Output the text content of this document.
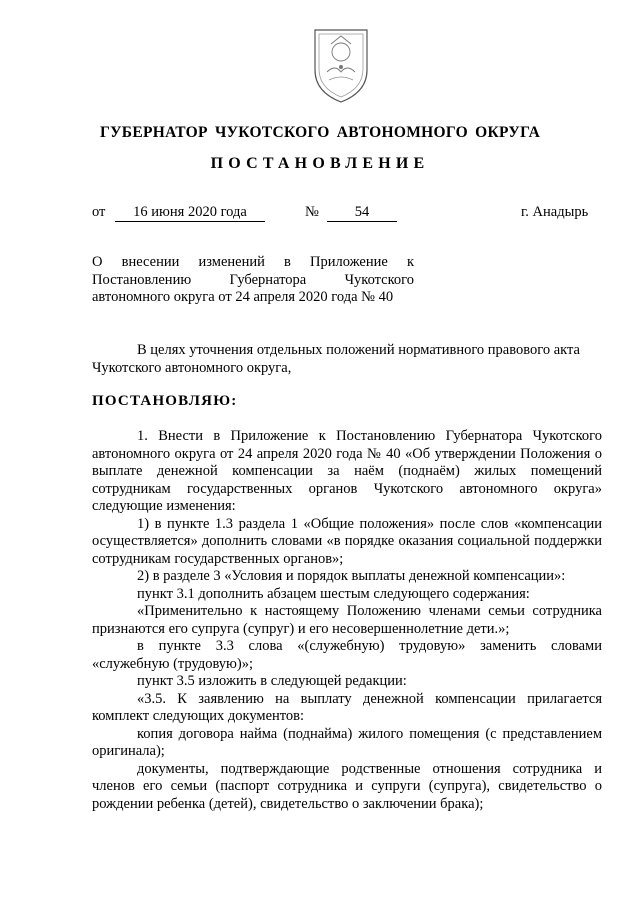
ГУБЕРНАТОР ЧУКОТСКОГО АВТОНОМНОГО ОКРУГА
ПОСТАНОВЛЕНИЕ
от	16 июня 2020 года	№	54	г. Анадырь
О внесении изменений в Приложение к Постановлению Губернатора Чукотского автономного округа от 24 апреля 2020 года № 40
В целях уточнения отдельных положений нормативного правового акта Чукотского автономного округа,
ПОСТАНОВЛЯЮ:

1. Внести в Приложение к Постановлению Губернатора Чукотского автономного округа от 24 апреля 2020 года № 40 «Об утверждении Положения о выплате денежной компенсации за наём (поднаём) жилых помещений сотрудникам государственных органов Чукотского автономного округа» следующие изменения:

1) в пункте 1.3 раздела 1 «Общие положения» после слов «компенсации осуществляется» дополнить словами «в порядке оказания социальной поддержки сотрудникам государственных органов»;

2) в разделе 3 «Условия и порядок выплаты денежной компенсации»:

пункт 3.1 дополнить абзацем шестым следующего содержания:

«Применительно к настоящему Положению членами семьи сотрудника признаются его супруга (супруг) и его несовершеннолетние дети.»;

в пункте 3.3 слова «(служебную) трудовую» заменить словами «служебную (трудовую)»;

пункт 3.5 изложить в следующей редакции:

«3.5. К заявлению на выплату денежной компенсации прилагается комплект следующих документов:

копия договора найма (поднайма) жилого помещения (с представлением оригинала);

документы, подтверждающие родственные отношения сотрудника и членов его семьи (паспорт сотрудника и супруги (супруга), свидетельство о рождении ребенка (детей), свидетельство о заключении брака);
